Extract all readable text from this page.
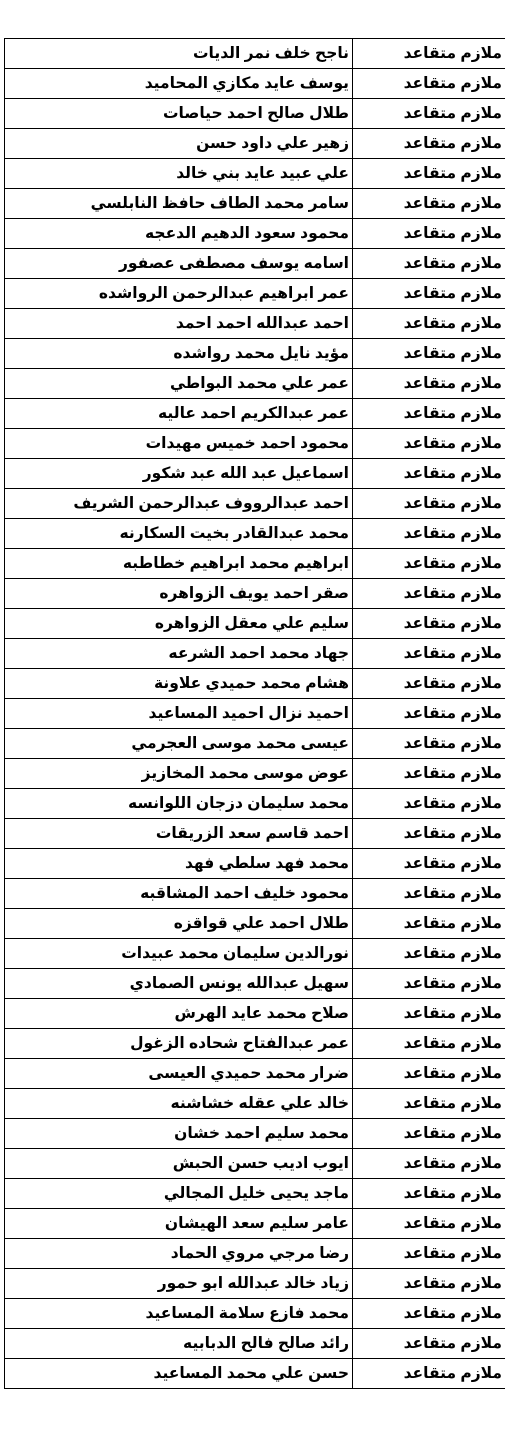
ملازم متقاعد	ناجح خلف نمر الديات	
ملازم متقاعد	يوسف عايد مكازي المحاميد	
ملازم متقاعد	طلال صالح احمد حياصات	
ملازم متقاعد	زهير علي داود حسن	
ملازم متقاعد	علي عبيد عايد بني خالد	
ملازم متقاعد	سامر محمد الطاف حافظ النابلسي	
ملازم متقاعد	محمود سعود الدهيم الدعجه	
ملازم متقاعد	اسامه يوسف مصطفى عصفور	
ملازم متقاعد	عمر ابراهيم عبدالرحمن الرواشده	
ملازم متقاعد	احمد عبدالله احمد احمد	
ملازم متقاعد	مؤيد نايل محمد رواشده	
ملازم متقاعد	عمر علي محمد البواطي	
ملازم متقاعد	عمر عبدالكريم احمد عاليه	
ملازم متقاعد	محمود احمد خميس مهيدات	
ملازم متقاعد	اسماعيل عبد الله عبد شكور	
ملازم متقاعد	احمد عبدالرووف عبدالرحمن الشريف	
ملازم متقاعد	محمد عبدالقادر بخيت السكارنه	
ملازم متقاعد	ابراهيم محمد ابراهيم خطاطبه	
ملازم متقاعد	صقر احمد يويف الزواهره	
ملازم متقاعد	سليم علي معقل الزواهره	
ملازم متقاعد	جهاد محمد احمد الشرعه	
ملازم متقاعد	هشام محمد حميدي علاونة	
ملازم متقاعد	احميد نزال احميد المساعيد	
ملازم متقاعد	عيسى محمد موسى العجرمي	
ملازم متقاعد	عوض موسى محمد المخازيز	
ملازم متقاعد	محمد سليمان دزجان اللوانسه	
ملازم متقاعد	احمد قاسم سعد الزريقات	
ملازم متقاعد	محمد فهد سلطي فهد	
ملازم متقاعد	محمود خليف احمد المشاقبه	
ملازم متقاعد	طلال احمد علي قواقزه	
ملازم متقاعد	نورالدين سليمان محمد عبيدات	
ملازم متقاعد	سهيل عبدالله يونس الصمادي	
ملازم متقاعد	صلاح محمد عايد الهرش	
ملازم متقاعد	عمر عبدالفتاح شحاده الزغول	
ملازم متقاعد	ضرار محمد حميدي العيسى	
ملازم متقاعد	خالد علي عقله خشاشنه	
ملازم متقاعد	محمد سليم احمد خشان	
ملازم متقاعد	ايوب اديب حسن الحبش	
ملازم متقاعد	ماجد يحيى خليل المجالي	
ملازم متقاعد	عامر سليم سعد الهيشان	
ملازم متقاعد	رضا مرجي مروي الحماد	
ملازم متقاعد	زياد خالد عبدالله ابو حمور	
ملازم متقاعد	محمد فازع سلامة المساعيد	
ملازم متقاعد	رائد صالح فالح الدبابيه	
ملازم متقاعد	حسن علي محمد المساعيد	
